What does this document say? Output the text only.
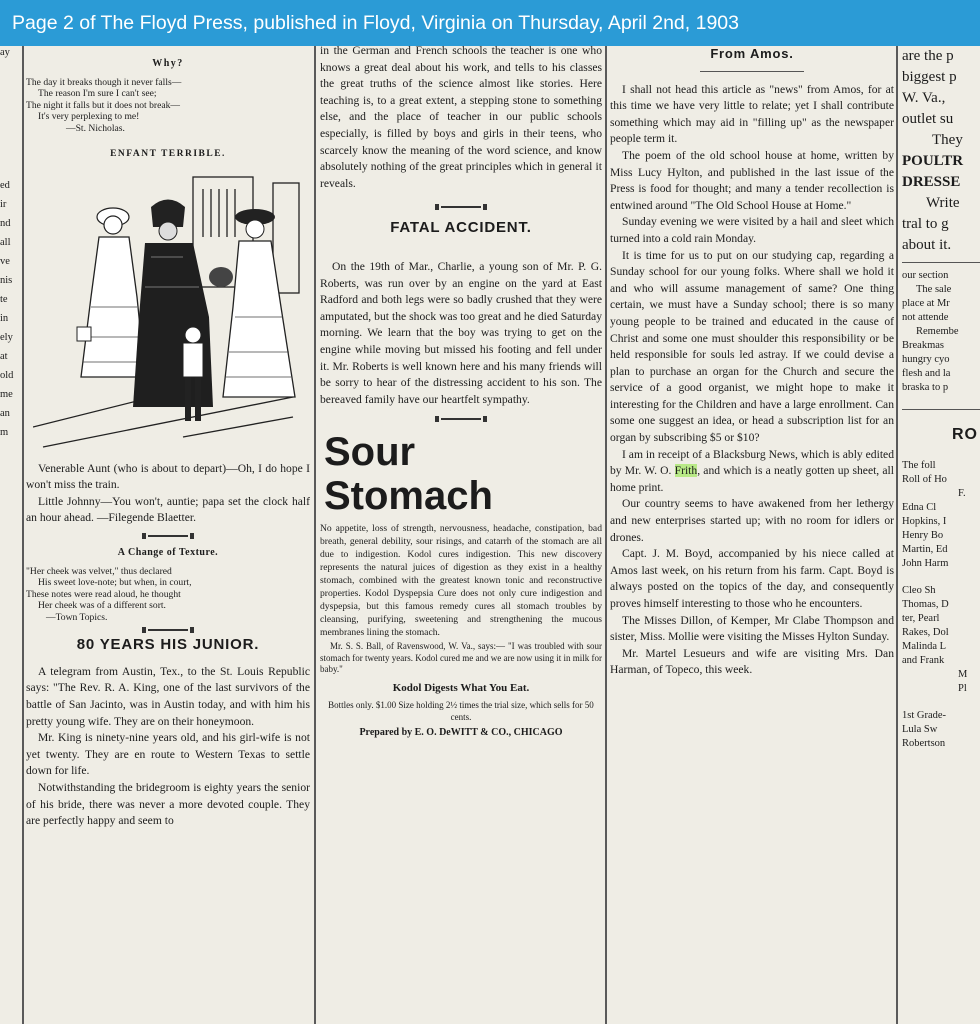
Page 2 of The Floyd Press, published in Floyd, Virginia on Thursday, April 2nd, 1903
ay
ed
ir
nd
all
ve
nis
te
in
ely
at
old
me
an
m
Why?
The day it breaks though it never falls—
The reason I'm sure I can't see;
The night it falls but it does not break—
It's very perplexing to me!
—St. Nicholas.
ENFANT TERRIBLE.

Venerable Aunt (who is about to depart)—Oh, I do hope I won't miss the train.

Little Johnny—You won't, auntie; papa set the clock half an hour ahead. —Filegende Blaetter.

A Change of Texture.
"Her cheek was velvet," thus declared
His sweet love-note; but when, in court,
These notes were read aloud, he thought
Her cheek was of a different sort.
—Town Topics.
80 YEARS HIS JUNIOR.

A telegram from Austin, Tex., to the St. Louis Republic says: "The Rev. R. A. King, one of the last survivors of the battle of San Jacinto, was in Austin today, and with him his pretty young wife. They are on their honeymoon.

Mr. King is ninety-nine years old, and his girl-wife is not yet twenty. They are en route to Western Texas to settle down for life.

Notwithstanding the bridegroom is eighty years the senior of his bride, there was never a more devoted couple. They are perfectly happy and seem to

in the German and French schools the teacher is one who knows a great deal about his work, and tells to his classes the great truths of the science almost like stories. Here teaching is, to a great extent, a stepping stone to something else, and the place of teacher in our public schools especially, is filled by boys and girls in their teens, who scarcely know the meaning of the word science, and know absolutely nothing of the great principles which in general it reveals.

FATAL ACCIDENT.

On the 19th of Mar., Charlie, a young son of Mr. P. G. Roberts, was run over by an engine on the yard at East Radford and both legs were so badly crushed that they were amputated, but the shock was too great and he died Saturday morning. We learn that the boy was trying to get on the engine while moving but missed his footing and fell under it. Mr. Roberts is well known here and his many friends will be sorry to hear of the distressing accident to his son. The bereaved family have our heartfelt sympathy.

Sour
Stomach
No appetite, loss of strength, nervousness, headache, constipation, bad breath, general debility, sour risings, and catarrh of the stomach are all due to indigestion. Kodol cures indigestion. This new discovery represents the natural juices of digestion as they exist in a healthy stomach, combined with the greatest known tonic and reconstructive properties. Kodol Dyspepsia Cure does not only cure indigestion and dyspepsia, but this famous remedy cures all stomach troubles by cleansing, purifying, sweetening and strengthening the mucous membranes lining the stomach.
Mr. S. S. Ball, of Ravenswood, W. Va., says:— "I was troubled with sour stomach for twenty years. Kodol cured me and we are now using it in milk for baby."
Kodol Digests What You Eat.
Bottles only. $1.00 Size holding 2½ times the trial size, which sells for 50 cents.
Prepared by E. O. DeWITT & CO., CHICAGO
From Amos.

I shall not head this article as "news" from Amos, for at this time we have very little to relate; yet I shall contribute something which may aid in "filling up" as the newspaper people term it.

The poem of the old school house at home, written by Miss Lucy Hylton, and published in the last issue of the Press is food for thought; and many a tender recollection is entwined around "The Old School House at Home."

Sunday evening we were visited by a hail and sleet which turned into a cold rain Monday.

It is time for us to put on our studying cap, regarding a Sunday school for our young folks. Where shall we hold it and who will assume management of same? One thing certain, we must have a Sunday school; there is so many young people to be trained and educated in the cause of Christ and some one must shoulder this responsibility or be held responsible for souls led astray. If we could devise a plan to purchase an organ for the Church and secure the service of a good organist, we might hope to make it interesting for the Children and have a large enrollment. Can some one suggest an idea, or head a subscription list for an organ by subscribing $5 or $10?

I am in receipt of a Blacksburg News, which is ably edited by Mr. W. O. Frith, and which is a neatly gotten up sheet, all home print.

Our country seems to have awakened from her lethergy and new enterprises started up; with no room for idlers or drones.

Capt. J. M. Boyd, accompanied by his niece called at Amos last week, on his return from his farm. Capt. Boyd is always posted on the topics of the day, and consequently proves himself interesting to those who he encounters.

The Misses Dillon, of Kemper, Mr Clabe Thompson and sister, Miss. Mollie were visiting the Misses Hylton Sunday.

Mr. Martel Lesueurs and wife are visiting Mrs. Dan Harman, of Topeco, this week.

are the p
biggest p
W. Va.,
outlet su
They
POULTR
DRESSE
Write
tral to g
about it.
our section
The sale
place at Mr
not attende
Remembe
Breakmas
hungry cyo
flesh and la
braska to p
RO
The foll
Roll of Ho
F.
Edna Cl
Hopkins, I
Henry Bo
Martin, Ed
John Harm
Cleo Sh
Thomas, D
ter, Pearl
Rakes, Dol
Malinda L
and Frank
M
Pl
1st Grade-
Lula Sw
Robertson
